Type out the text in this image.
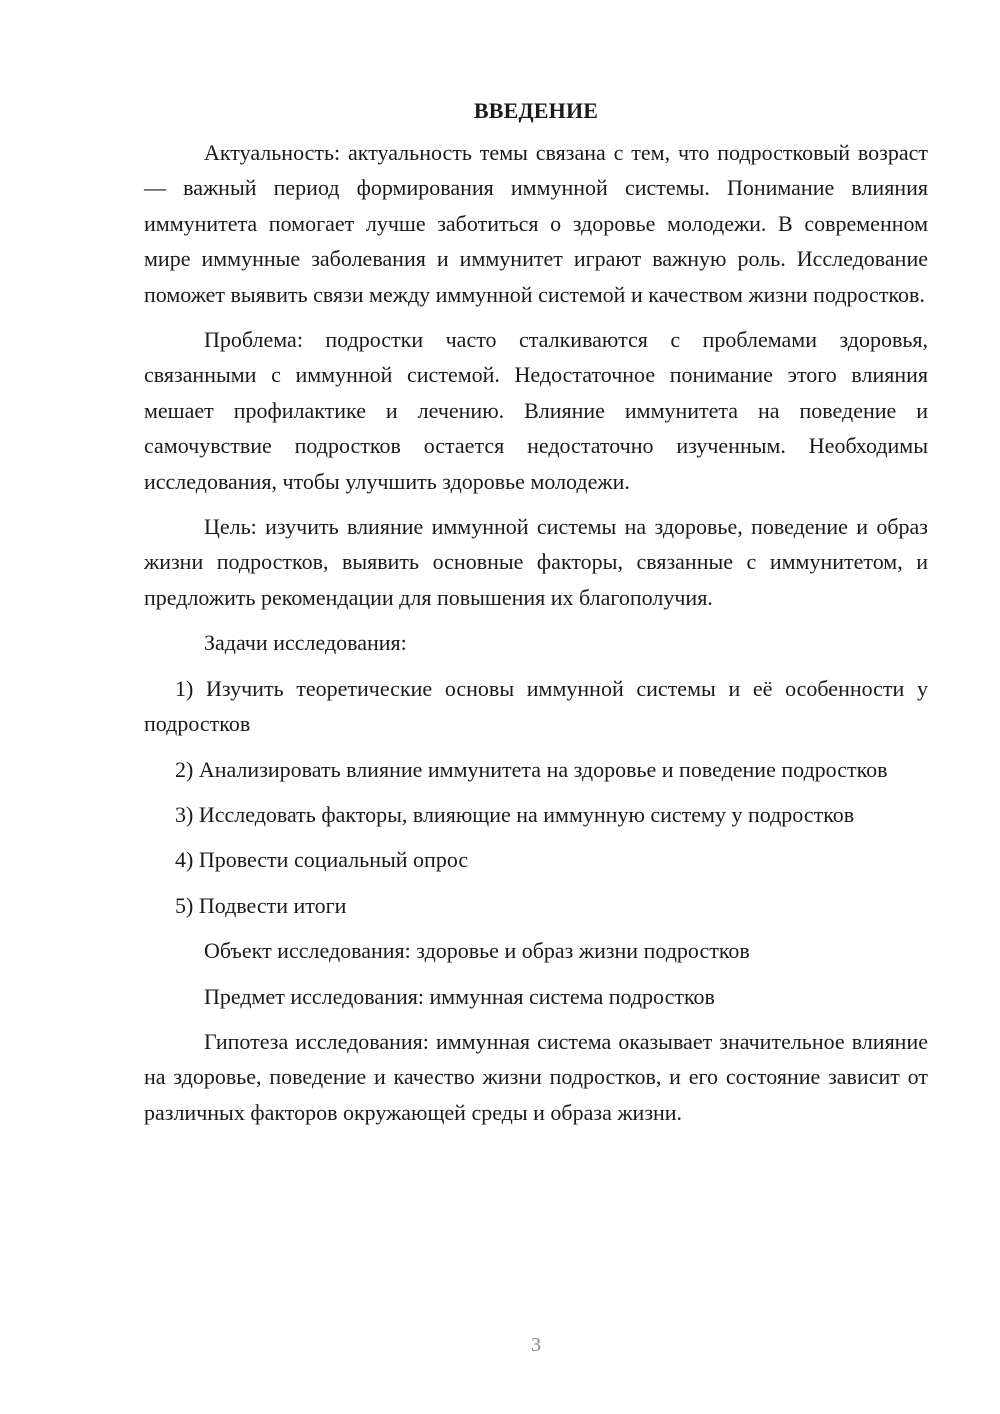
ВВЕДЕНИЕ

Актуальность: актуальность темы связана с тем, что подростковый возраст — важный период формирования иммунной системы. Понимание влияния иммунитета помогает лучше заботиться о здоровье молодежи. В современном мире иммунные заболевания и иммунитет играют важную роль. Исследование поможет выявить связи между иммунной системой и качеством жизни подростков.

Проблема: подростки часто сталкиваются с проблемами здоровья, связанными с иммунной системой. Недостаточное понимание этого влияния мешает профилактике и лечению. Влияние иммунитета на поведение и самочувствие подростков остается недостаточно изученным. Необходимы исследования, чтобы улучшить здоровье молодежи.

Цель: изучить влияние иммунной системы на здоровье, поведение и образ жизни подростков, выявить основные факторы, связанные с иммунитетом, и предложить рекомендации для повышения их благополучия.

Задачи исследования:

1) Изучить теоретические основы иммунной системы и её особенности у подростков

2) Анализировать влияние иммунитета на здоровье и поведение подростков

3) Исследовать факторы, влияющие на иммунную систему у подростков

4) Провести социальный опрос

5) Подвести итоги

Объект исследования: здоровье и образ жизни подростков

Предмет исследования: иммунная система подростков

Гипотеза исследования: иммунная система оказывает значительное влияние на здоровье, поведение и качество жизни подростков, и его состояние зависит от различных факторов окружающей среды и образа жизни.

3
